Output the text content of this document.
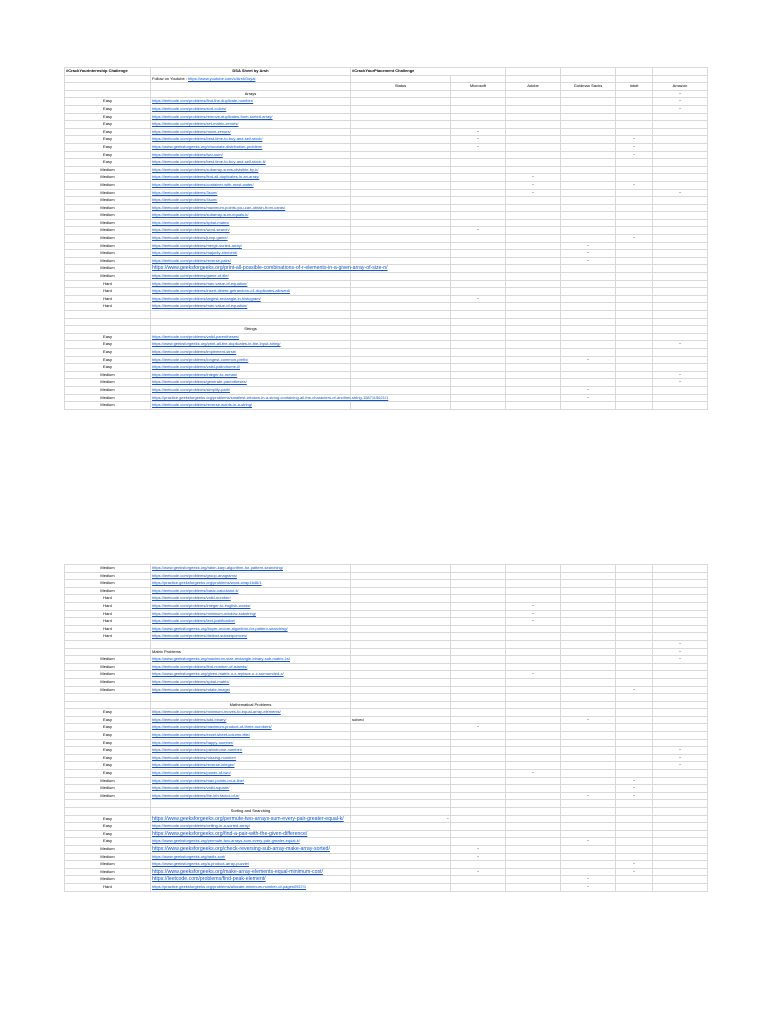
#CrackYourInternship Challenge	DSA Sheet by Arsh	#CrackYourPlacement Challenge					
	Follow on Youtube : https://www.youtube.com/c/ArshGoyal						
		Status	Microsoft	Adobe	Goldman Sachs	Intuit	Amazon
	Arrays						~
Easy	https://leetcode.com/problems/find-the-duplicate-number/						~
Easy	https://leetcode.com/problems/sort-colors/						~
Easy	https://leetcode.com/problems/remove-duplicates-from-sorted-array/						
Easy	https://leetcode.com/problems/set-matrix-zeroes/						
Easy	https://leetcode.com/problems/move-zeroes/		~				
Easy	https://leetcode.com/problems/best-time-to-buy-and-sell-stock/		~			~	
Easy	https://www.geeksforgeeks.org/chocolate-distribution-problem/		~			~	
Easy	https://leetcode.com/problems/two-sum/					~	
Easy	https://leetcode.com/problems/best-time-to-buy-and-sell-stock-ii/						
Medium	https://leetcode.com/problems/subarray-sums-divisible-by-k/						
Medium	https://leetcode.com/problems/find-all-duplicates-in-an-array/			~			
Medium	https://leetcode.com/problems/container-with-most-water/			~		~	
Medium	https://leetcode.com/problems/3sum/			~			~
Medium	https://leetcode.com/problems/4sum/						
Medium	https://leetcode.com/problems/maximum-points-you-can-obtain-from-cards/						
Medium	https://leetcode.com/problems/subarray-sum-equals-k/						
Medium	https://leetcode.com/problems/spiral-matrix/						
Medium	https://leetcode.com/problems/word-search/		~				
Medium	https://leetcode.com/problems/jump-game/					~	
Medium	https://leetcode.com/problems/merge-sorted-array/				~		
Medium	https://leetcode.com/problems/majority-element/				~		
Medium	https://leetcode.com/problems/reverse-pairs/				~		
Medium	https://www.geeksforgeeks.org/print-all-possible-combinations-of-r-elements-in-a-given-array-of-size-n/						
Medium	https://leetcode.com/problems/game-of-life/						
Hard	https://leetcode.com/problems/max-value-of-equation/						
Hard	https://leetcode.com/problems/insert-delete-getrandom-o1-duplicates-allowed/						
Hard	https://leetcode.com/problems/largest-rectangle-in-histogram/		~				
Hard	https://leetcode.com/problems/max-value-of-equation/						

	Strings						
Easy	https://leetcode.com/problems/valid-parentheses/						
Easy	https://www.geeksforgeeks.org/print-all-the-duplicates-in-the-input-string/						~
Easy	https://leetcode.com/problems/implement-strstr/						
Easy	https://leetcode.com/problems/longest-common-prefix/				~		
Easy	https://leetcode.com/problems/valid-palindrome-ii/						
Medium	https://leetcode.com/problems/integer-to-roman/						~
Medium	https://leetcode.com/problems/generate-parentheses/						~
Medium	https://leetcode.com/problems/simplify-path/				~		
Medium	https://practice.geeksforgeeks.org/problems/smallest-window-in-a-string-containing-all-the-characters-of-another-string-1587115621/1				~		
Medium	https://leetcode.com/problems/reverse-words-in-a-string/						
Medium	https://www.geeksforgeeks.org/rabin-karp-algorithm-for-pattern-searching/						
Medium	https://leetcode.com/problems/group-anagrams/						
Medium	https://practice.geeksforgeeks.org/problems/word-wrap1646/1						
Medium	https://leetcode.com/problems/basic-calculator-ii/						
Hard	https://leetcode.com/problems/valid-number/						
Hard	https://leetcode.com/problems/integer-to-english-words/			~			
Hard	https://leetcode.com/problems/minimum-window-substring/			~			
Hard	https://leetcode.com/problems/text-justification/			~			
Hard	https://www.geeksforgeeks.org/boyer-moore-algorithm-for-pattern-searching/						
Hard	https://leetcode.com/problems/distinct-subsequences/						
							~
	Matrix Problems						~
Medium	https://www.geeksforgeeks.org/maximum-size-rectangle-binary-sub-matrix-1s/						~
Medium	https://leetcode.com/problems/find-number-of-islands/						
Medium	https://www.geeksforgeeks.org/given-matrix-o-x-replace-o-x-surrounded-x/			~			
Medium	https://leetcode.com/problems/spiral-matrix/						
Medium	https://leetcode.com/problems/rotate-image/					~	

	Mathematical Problems						
Easy	https://leetcode.com/problems/minimum-moves-to-equal-array-elements/						
Easy	https://leetcode.com/problems/add-binary/	solved			~		
Easy	https://leetcode.com/problems/maximum-product-of-three-numbers/		~				
Easy	https://leetcode.com/problems/excel-sheet-column-title/						
Easy	https://leetcode.com/problems/happy-number/						
Easy	https://leetcode.com/problems/palindrome-number/						~
Easy	https://leetcode.com/problems/missing-number/						~
Easy	https://leetcode.com/problems/reverse-integer/						~
Easy	https://leetcode.com/problems/power-of-two/			~			
Medium	https://leetcode.com/problems/max-points-on-a-line/					~	
Medium	https://leetcode.com/problems/valid-square/					~	
Medium	https://leetcode.com/problems/the-kth-factor-of-n/				~	~	

	Sorting and Searching						
Easy	https://www.geeksforgeeks.org/permute-two-arrays-sum-every-pair-greater-equal-k/	~					
Easy	https://leetcode.com/problems/ceiling-in-a-sorted-array/						
Easy	https://www.geeksforgeeks.org/find-a-pair-with-the-given-difference/						
Easy	https://www.geeksforgeeks.org/permute-two-arrays-sum-every-pair-greater-equal-k/				~		
Medium	https://www.geeksforgeeks.org/check-reversing-sub-array-make-array-sorted/		~				
Medium	https://www.geeksforgeeks.org/radix-sort/		~				
Medium	https://www.geeksforgeeks.org/a-product-array-puzzle/					~	
Medium	https://www.geeksforgeeks.org/make-array-elements-equal-minimum-cost/		~			~	
Medium	https://leetcode.com/problems/find-peak-element/				~		
Hard	https://practice.geeksforgeeks.org/problems/allocate-minimum-number-of-pages0937/1				~		
